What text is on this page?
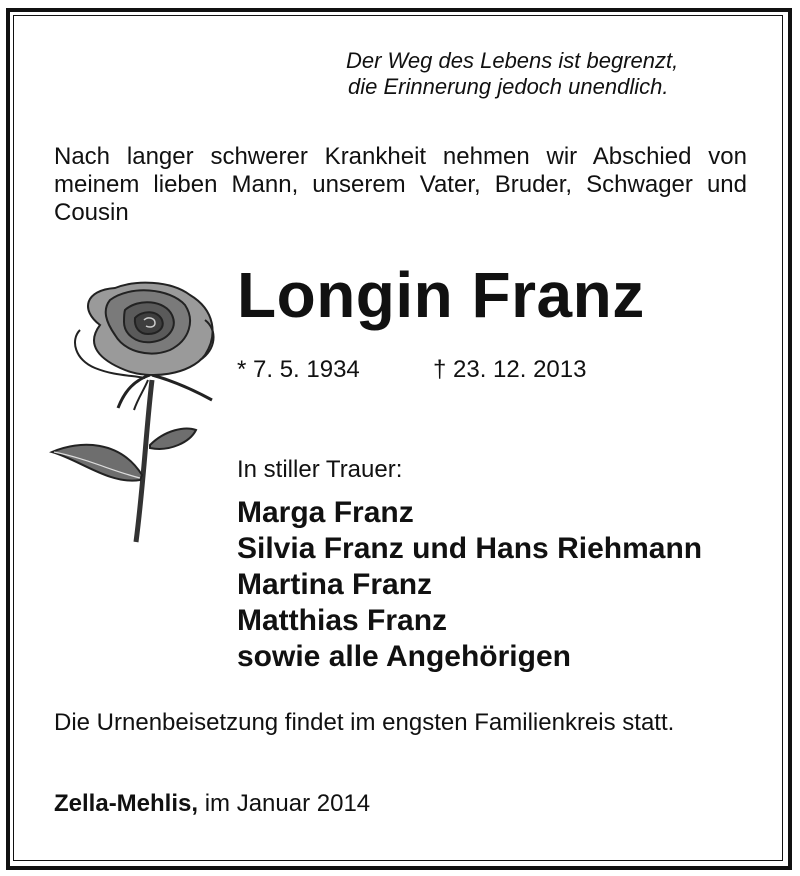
Der Weg des Lebens ist begrenzt,
die Erinnerung jedoch unendlich.
Nach langer schwerer Krankheit nehmen wir Abschied von meinem lieben Mann, unserem Vater, Bruder, Schwager und Cousin
Longin Franz
* 7. 5. 1934	† 23. 12. 2013
In stiller Trauer:
Marga Franz
Silvia Franz und Hans Riehmann
Martina Franz
Matthias Franz
sowie alle Angehörigen
Die Urnenbeisetzung findet im engsten Familienkreis statt.
Zella-Mehlis, im Januar 2014
